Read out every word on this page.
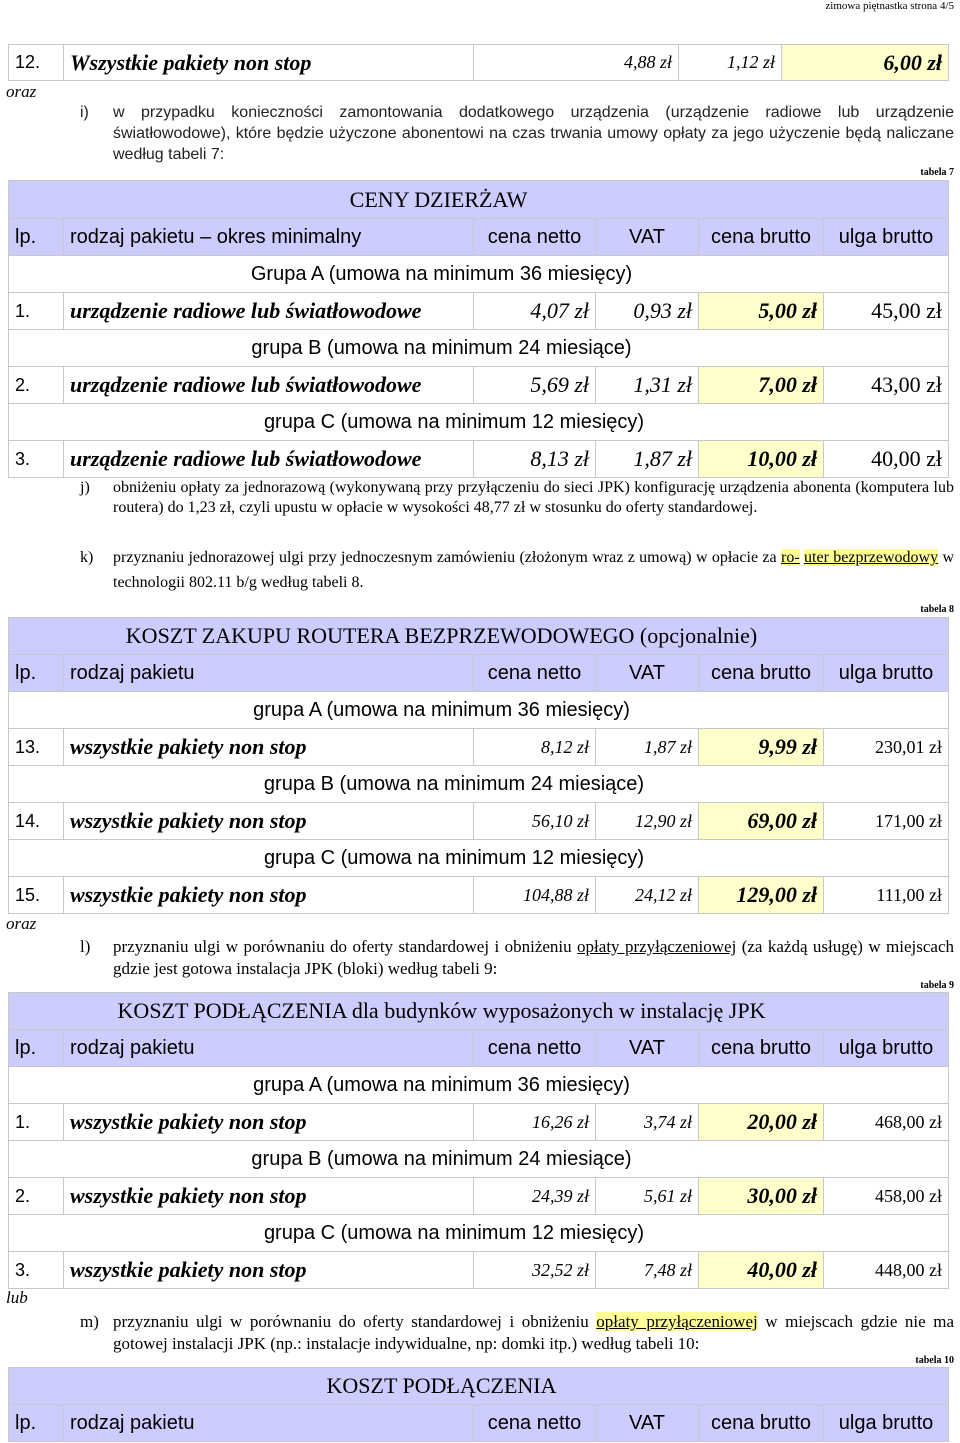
zimowa piętnastka strona 4/5
12.	Wszystkie pakiety non stop	4,88 zł	1,12 zł	6,00 zł
oraz
i) w przypadku konieczności zamontowania dodatkowego urządzenia (urządzenie radiowe lub urządzenie światłowodowe), które będzie użyczone abonentowi na czas trwania umowy opłaty za jego użyczenie będą naliczane według tabeli 7:
tabela 7
CENY DZIERŻAW					
lp.	rodzaj pakietu – okres minimalny	cena netto	VAT	cena brutto	ulga brutto
Grupa A (umowa na minimum 36 miesięcy)					
1.	urządzenie radiowe lub światłowodowe	4,07 zł	0,93 zł	5,00 zł	45,00 zł
grupa B (umowa na minimum 24 miesiące)					
2.	urządzenie radiowe lub światłowodowe	5,69 zł	1,31 zł	7,00 zł	43,00 zł
grupa C (umowa na minimum 12 miesięcy)					
3.	urządzenie radiowe lub światłowodowe	8,13 zł	1,87 zł	10,00 zł	40,00 zł
j) obniżeniu opłaty za jednorazową (wykonywaną przy przyłączeniu do sieci JPK) konfigurację urządzenia abonenta (komputera lub routera) do 1,23 zł, czyli upustu w opłacie w wysokości 48,77 zł w stosunku do oferty standardowej.
k) przyznaniu jednorazowej ulgi przy jednoczesnym zamówieniu (złożonym wraz z umową) w opłacie za ro- uter bezprzewodowy w technologii 802.11 b/g według tabeli 8.
tabela 8
KOSZT ZAKUPU ROUTERA BEZPRZEWODOWEGO (opcjonalnie)					
lp.	rodzaj pakietu	cena netto	VAT	cena brutto	ulga brutto
grupa A (umowa na minimum 36 miesięcy)					
13.	wszystkie pakiety non stop	8,12 zł	1,87 zł	9,99 zł	230,01 zł
grupa B (umowa na minimum 24 miesiące)					
14.	wszystkie pakiety non stop	56,10 zł	12,90 zł	69,00 zł	171,00 zł
grupa C (umowa na minimum 12 miesięcy)					
15.	wszystkie pakiety non stop	104,88 zł	24,12 zł	129,00 zł	111,00 zł
oraz
l) przyznaniu ulgi w porównaniu do oferty standardowej i obniżeniu opłaty przyłączeniowej (za każdą usługę) w miejscach gdzie jest gotowa instalacja JPK (bloki) według tabeli 9:
tabela 9
KOSZT PODŁĄCZENIA dla budynków wyposażonych w instalację JPK					
lp.	rodzaj pakietu	cena netto	VAT	cena brutto	ulga brutto
grupa A (umowa na minimum 36 miesięcy)					
1.	wszystkie pakiety non stop	16,26 zł	3,74 zł	20,00 zł	468,00 zł
grupa B (umowa na minimum 24 miesiące)					
2.	wszystkie pakiety non stop	24,39 zł	5,61 zł	30,00 zł	458,00 zł
grupa C (umowa na minimum 12 miesięcy)					
3.	wszystkie pakiety non stop	32,52 zł	7,48 zł	40,00 zł	448,00 zł
lub
m) przyznaniu ulgi w porównaniu do oferty standardowej i obniżeniu opłaty przyłączeniowej w miejscach gdzie nie ma gotowej instalacji JPK (np.: instalacje indywidualne, np: domki itp.) według tabeli 10:
tabela 10
KOSZT PODŁĄCZENIA
lp.	rodzaj pakietu	cena netto	VAT	cena brutto	ulga brutto
